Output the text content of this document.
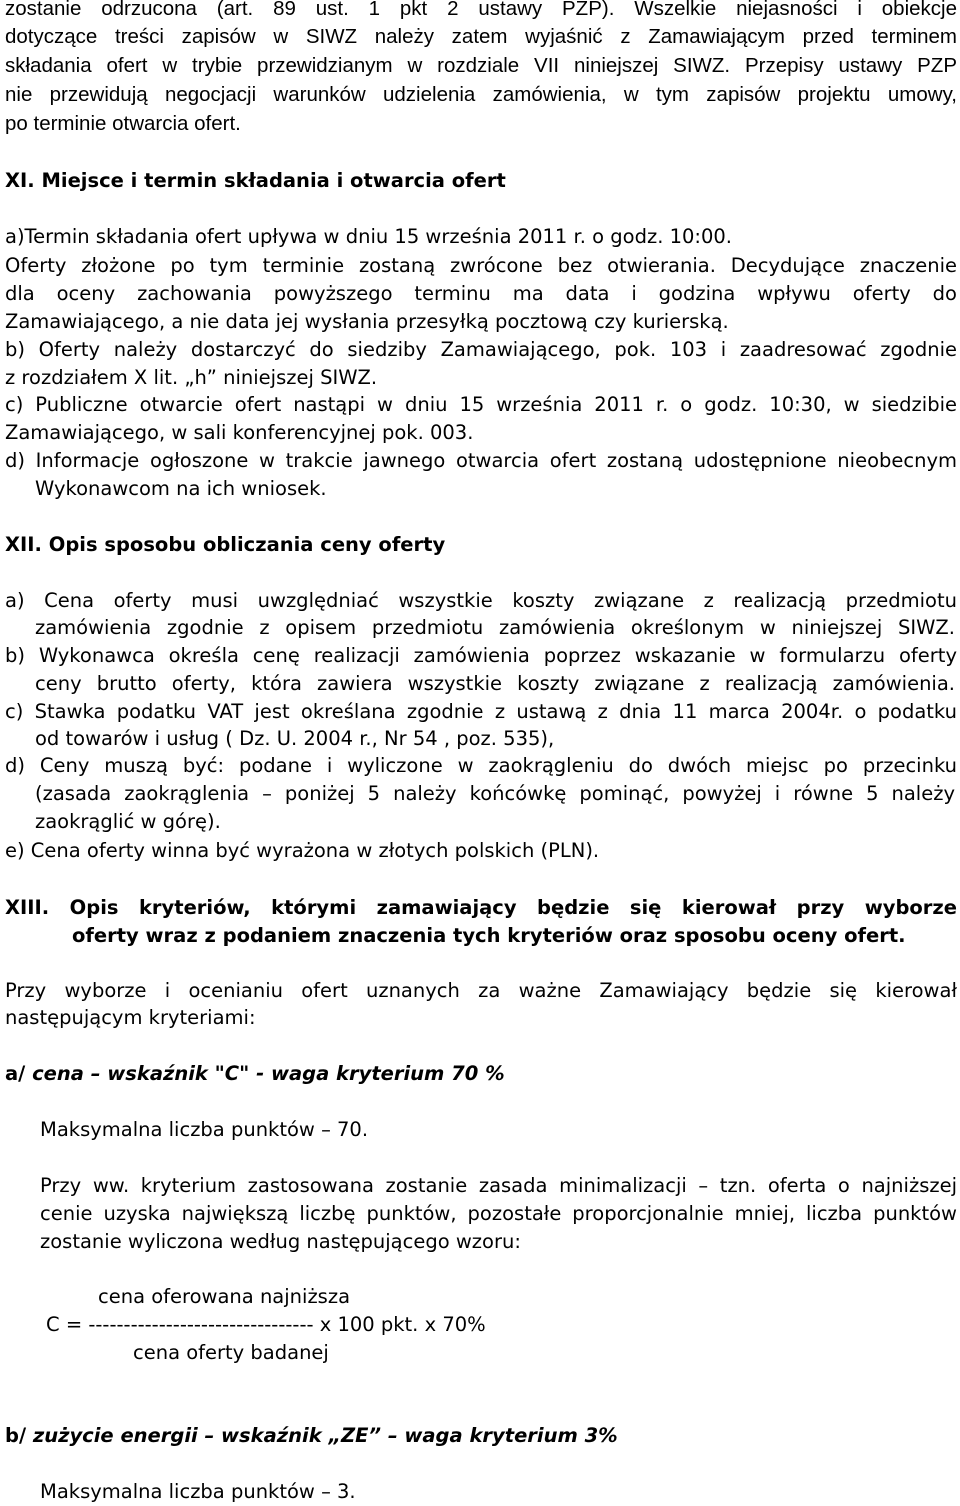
zostanie odrzucona (art. 89 ust. 1 pkt 2 ustawy PZP). Wszelkie niejasności i obiekcje
dotyczące treści zapisów w SIWZ należy zatem wyjaśnić z Zamawiającym przed terminem
składania ofert w trybie przewidzianym w rozdziale VII niniejszej SIWZ. Przepisy ustawy PZP
nie przewidują negocjacji warunków udzielenia zamówienia, w tym zapisów projektu umowy,
po terminie otwarcia ofert.
XI. Miejsce i termin składania i otwarcia ofert
a)Termin składania ofert upływa w dniu 15 września 2011 r. o godz. 10:00.
Oferty złożone po tym terminie zostaną zwrócone bez otwierania. Decydujące znaczenie
dla oceny zachowania powyższego terminu ma data i godzina wpływu oferty do
Zamawiającego, a nie data jej wysłania przesyłką pocztową czy kurierską.
b) Oferty należy dostarczyć do siedziby Zamawiającego, pok. 103 i zaadresować zgodnie
z rozdziałem X lit. „h” niniejszej SIWZ.
c) Publiczne otwarcie ofert nastąpi w dniu 15 września 2011 r. o godz. 10:30, w siedzibie
Zamawiającego, w sali konferencyjnej pok. 003.
d) Informacje ogłoszone w trakcie jawnego otwarcia ofert zostaną udostępnione nieobecnym
Wykonawcom na ich wniosek.
XII. Opis sposobu obliczania ceny oferty
a) Cena oferty musi uwzględniać wszystkie koszty związane z realizacją przedmiotu
zamówienia zgodnie z opisem przedmiotu zamówienia określonym w niniejszej SIWZ.
b) Wykonawca określa cenę realizacji zamówienia poprzez wskazanie w formularzu oferty
ceny brutto oferty, która zawiera wszystkie koszty związane z realizacją zamówienia.
c) Stawka podatku VAT jest określana zgodnie z ustawą z dnia 11 marca 2004r. o podatku
od towarów i usług ( Dz. U. 2004 r., Nr 54 , poz. 535),
d) Ceny muszą być: podane i wyliczone w zaokrągleniu do dwóch miejsc po przecinku
(zasada zaokrąglenia – poniżej 5 należy końcówkę pominąć, powyżej i równe 5 należy
zaokrąglić w górę).
e) Cena oferty winna być wyrażona w złotych polskich (PLN).
XIII. Opis kryteriów, którymi zamawiający będzie się kierował przy wyborze
oferty wraz z podaniem znaczenia tych kryteriów oraz sposobu oceny ofert.
Przy wyborze i ocenianiu ofert uznanych za ważne Zamawiający będzie się kierował
następującym kryteriami:
a/ cena – wskaźnik "C" - waga kryterium 70 %
Maksymalna liczba punktów – 70.
Przy ww. kryterium zastosowana zostanie zasada minimalizacji – tzn. oferta o najniższej
cenie uzyska największą liczbę punktów, pozostałe proporcjonalnie mniej, liczba punktów
zostanie wyliczona według następującego wzoru:
cena oferowana najniższa
C = -------------------------------- x 100 pkt. x 70%
cena oferty badanej
b/ zużycie energii – wskaźnik „ZE” – waga kryterium 3%
Maksymalna liczba punktów – 3.
